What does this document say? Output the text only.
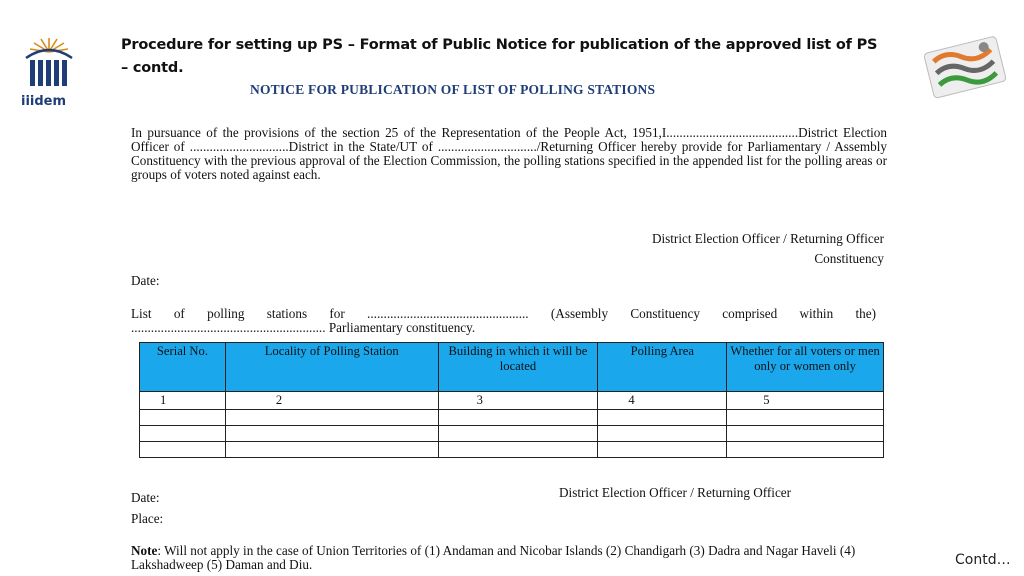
Procedure for setting up PS – Format of Public Notice for publication of the approved list of PS
– contd.
iiidem
NOTICE FOR PUBLICATION OF LIST OF POLLING STATIONS

In pursuance of the provisions of the section 25 of the Representation of the People Act, 1951,I........................................District Election Officer of ..............................District in the State/UT of ............................../Returning Officer hereby provide for Parliamentary / Assembly Constituency with the previous approval of the Election Commission, the polling stations specified in the appended list for the polling areas or groups of voters noted against each.

District Election Officer / Returning Officer
Constituency
Date:

List of polling stations for ................................................. (Assembly Constituency comprised within the) ........................................................... Parliamentary constituency.

Serial No.	Locality of Polling Station	Building in which it will be located	Polling Area	Whether for all voters or men only or women only
1	2	3	4	5

District Election Officer / Returning Officer
Date:
Place:

Note: Will not apply in the case of Union Territories of (1) Andaman and Nicobar Islands (2) Chandigarh (3) Dadra and Nagar Haveli (4) Lakshadweep (5) Daman and Diu.	Contd…
